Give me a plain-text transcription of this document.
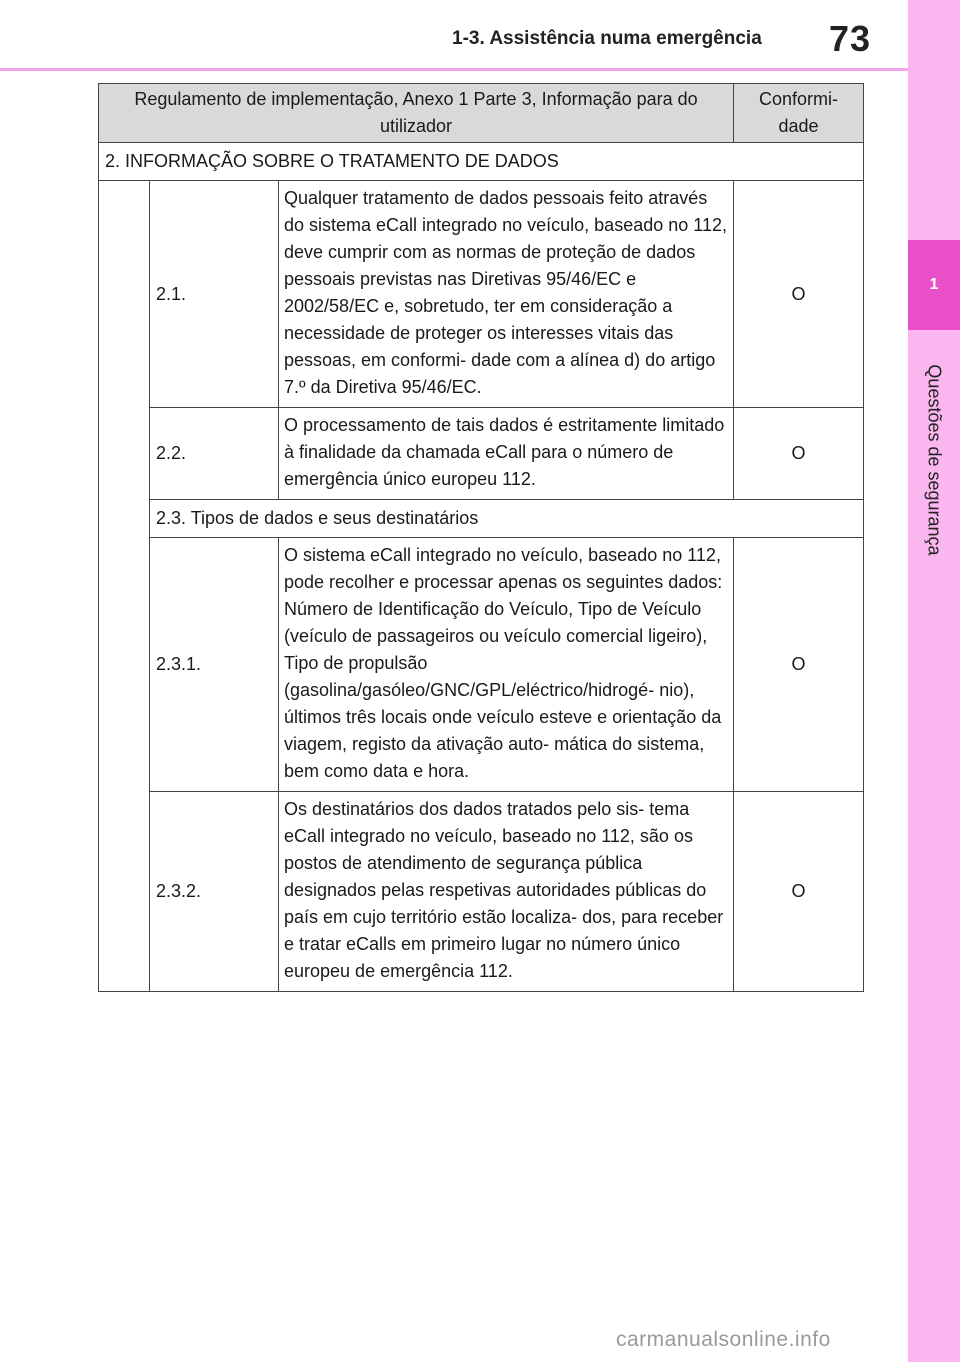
1-3. Assistência numa emergência 73
1
Questões de segurança
Regulamento de implementação, Anexo 1 Parte 3, Informação para do utilizador			Conformi- dade
2. INFORMAÇÃO SOBRE O TRATAMENTO DE DADOS			
	2.1.	Qualquer tratamento de dados pessoais feito através do sistema eCall integrado no veículo, baseado no 112, deve cumprir com as normas de proteção de dados pessoais previstas nas Diretivas 95/46/EC e 2002/58/EC e, sobretudo, ter em consideração a necessidade de proteger os interesses vitais das pessoas, em conformi- dade com a alínea d) do artigo 7.º da Diretiva 95/46/EC.	O
	2.2.	O processamento de tais dados é estritamente limitado à finalidade da chamada eCall para o número de emergência único europeu 112.	O
	2.3. Tipos de dados e seus destinatários		
	2.3.1.	O sistema eCall integrado no veículo, baseado no 112, pode recolher e processar apenas os seguintes dados: Número de Identificação do Veículo, Tipo de Veículo (veículo de passageiros ou veículo comercial ligeiro), Tipo de propulsão (gasolina/gasóleo/GNC/GPL/eléctrico/hidrogé- nio), últimos três locais onde veículo esteve e orientação da viagem, registo da ativação auto- mática do sistema, bem como data e hora.	O
	2.3.2.	Os destinatários dos dados tratados pelo sis- tema eCall integrado no veículo, baseado no 112, são os postos de atendimento de segurança pública designados pelas respetivas autoridades públicas do país em cujo território estão localiza- dos, para receber e tratar eCalls em primeiro lugar no número único europeu de emergência 112.	O
carmanualsonline.info
